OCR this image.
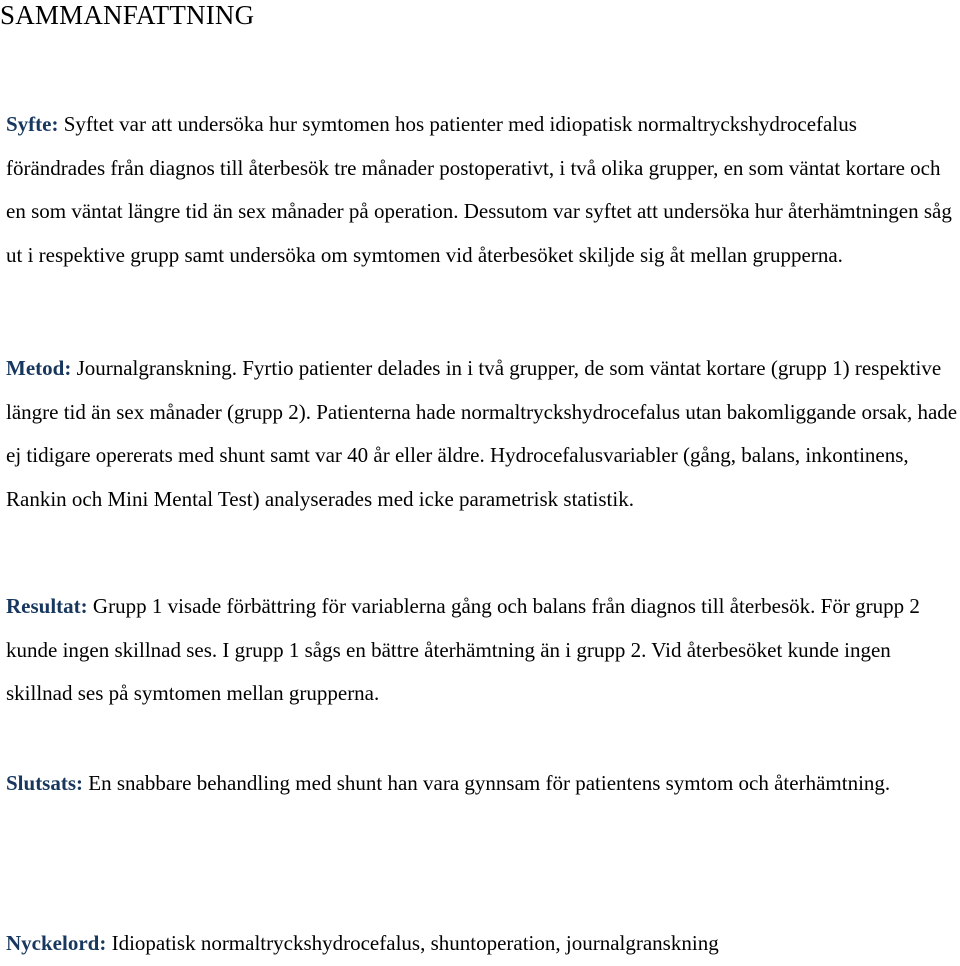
SAMMANFATTNING

Syfte: Syftet var att undersöka hur symtomen hos patienter med idiopatisk normaltryckshydrocefalus förändrades från diagnos till återbesök tre månader postoperativt, i två olika grupper, en som väntat kortare och en som väntat längre tid än sex månader på operation. Dessutom var syftet att undersöka hur återhämtningen såg ut i respektive grupp samt undersöka om symtomen vid återbesöket skiljde sig åt mellan grupperna.

Metod: Journalgranskning. Fyrtio patienter delades in i två grupper, de som väntat kortare (grupp 1) respektive längre tid än sex månader (grupp 2). Patienterna hade normaltryckshydrocefalus utan bakomliggande orsak, hade ej tidigare opererats med shunt samt var 40 år eller äldre. Hydrocefalusvariabler (gång, balans, inkontinens, Rankin och Mini Mental Test) analyserades med icke parametrisk statistik.

Resultat: Grupp 1 visade förbättring för variablerna gång och balans från diagnos till återbesök. För grupp 2 kunde ingen skillnad ses. I grupp 1 sågs en bättre återhämtning än i grupp 2. Vid återbesöket kunde ingen skillnad ses på symtomen mellan grupperna.

Slutsats: En snabbare behandling med shunt han vara gynnsam för patientens symtom och återhämtning.

Nyckelord: Idiopatisk normaltryckshydrocefalus, shuntoperation, journalgranskning
